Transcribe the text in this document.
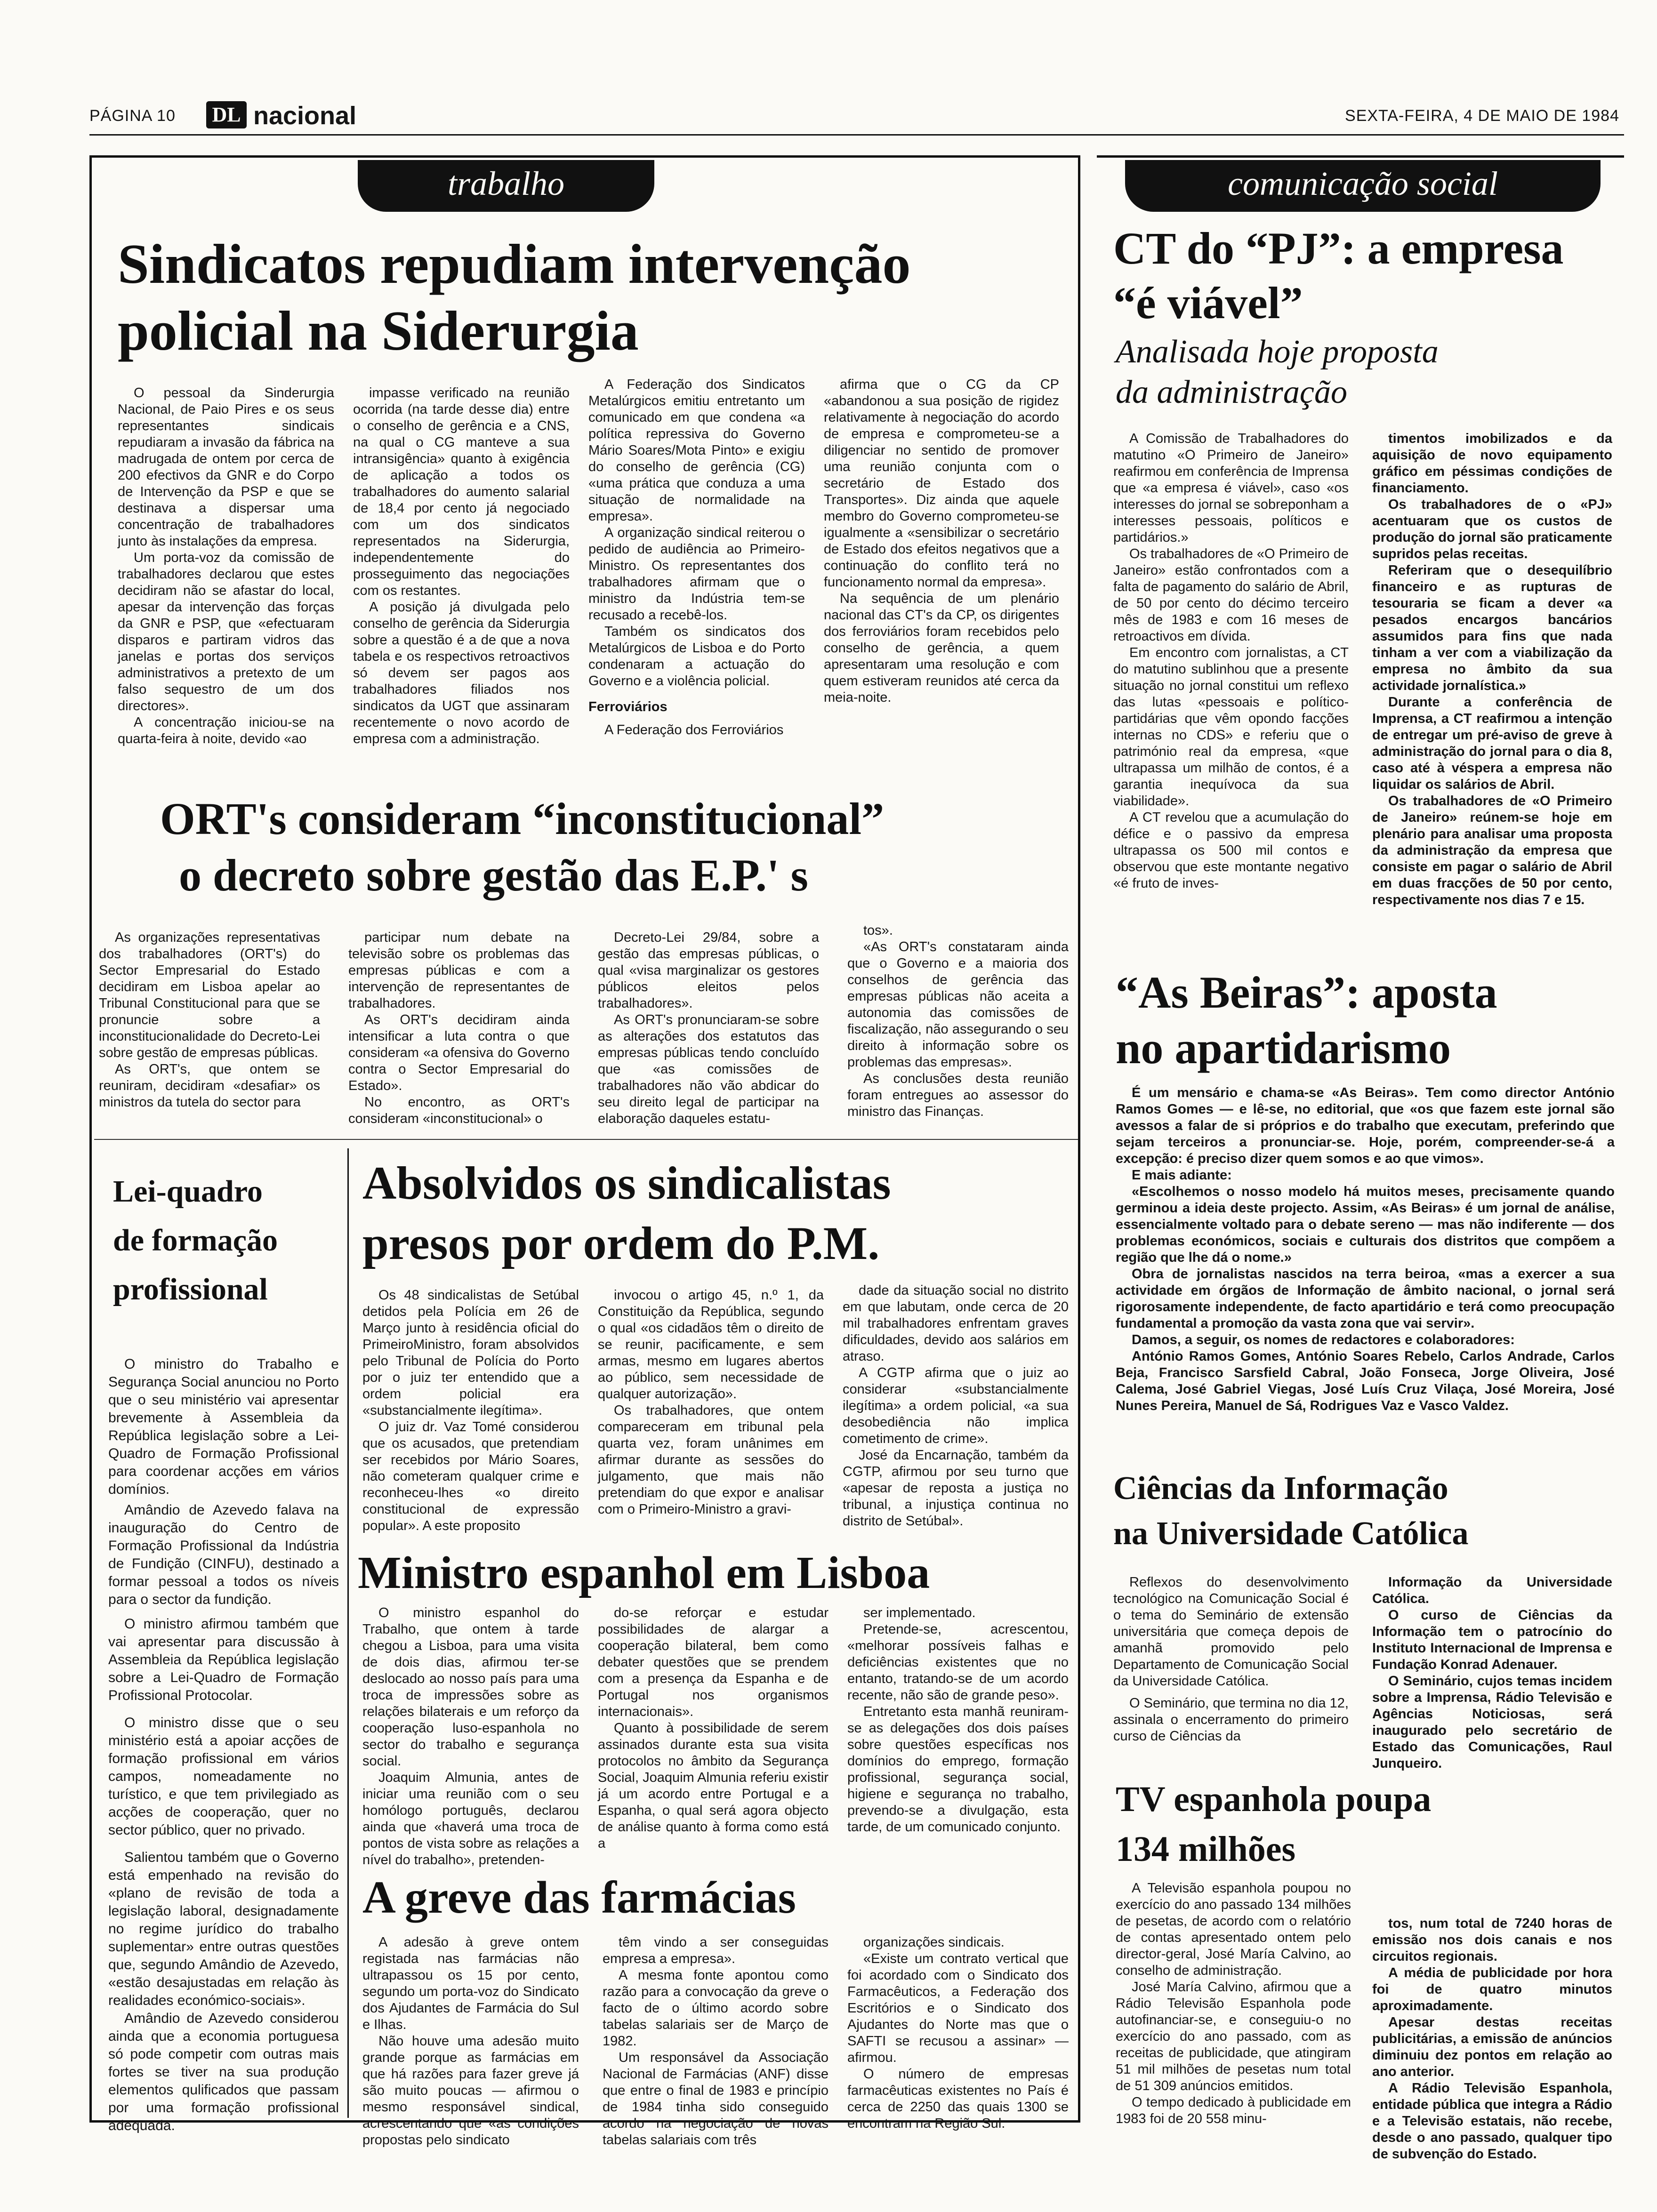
PÁGINA 10 DL nacional	SEXTA-FEIRA, 4 DE MAIO DE 1984
trabalho	comunicação social
Sindicatos repudiam intervenção
policial na Siderurgia

O pessoal da Sinderurgia Nacional, de Paio Pires e os seus representantes sindicais repudiaram a invasão da fábrica na madrugada de ontem por cerca de 200 efectivos da GNR e do Corpo de Intervenção da PSP e que se destinava a dispersar uma concentração de trabalhadores junto às instalações da empresa.

Um porta-voz da comissão de trabalhadores declarou que estes decidiram não se afastar do local, apesar da intervenção das forças da GNR e PSP, que «efectuaram disparos e partiram vidros das janelas e portas dos serviços administrativos a pretexto de um falso sequestro de um dos directores».

A concentração iniciou-se na quarta-feira à noite, devido «ao

impasse verificado na reunião ocorrida (na tarde desse dia) entre o conselho de gerência e a CNS, na qual o CG manteve a sua intransigência» quanto à exigência de aplicação a todos os trabalhadores do aumento salarial de 18,4 por cento já negociado com um dos sindicatos representados na Siderurgia, independentemente do prosseguimento das negociações com os restantes.

A posição já divulgada pelo conselho de gerência da Siderurgia sobre a questão é a de que a nova tabela e os respectivos retroactivos só devem ser pagos aos trabalhadores filiados nos sindicatos da UGT que assinaram recentemente o novo acordo de empresa com a administração.

A Federação dos Sindicatos Metalúrgicos emitiu entretanto um comunicado em que condena «a política repressiva do Governo Mário Soares/Mota Pinto» e exigiu do conselho de gerência (CG) «uma prática que conduza a uma situação de normalidade na empresa».

A organização sindical reiterou o pedido de audiência ao Primeiro-Ministro. Os representantes dos trabalhadores afirmam que o ministro da Indústria tem-se recusado a recebê-los.

Também os sindicatos dos Metalúrgicos de Lisboa e do Porto condenaram a actuação do Governo e a violência policial.

Ferroviários

A Federação dos Ferroviários

afirma que o CG da CP «abandonou a sua posição de rigidez relativamente à negociação do acordo de empresa e comprometeu-se a diligenciar no sentido de promover uma reunião conjunta com o secretário de Estado dos Transportes». Diz ainda que aquele membro do Governo comprometeu-se igualmente a «sensibilizar o secretário de Estado dos efeitos negativos que a continuação do conflito terá no funcionamento normal da empresa».

Na sequência de um plenário nacional das CT's da CP, os dirigentes dos ferroviários foram recebidos pelo conselho de gerência, a quem apresentaram uma resolução e com quem estiveram reunidos até cerca da meia-noite.

ORT's consideram “inconstitucional”
o decreto sobre gestão das E.P.' s

As organizações representativas dos trabalhadores (ORT's) do Sector Empresarial do Estado decidiram em Lisboa apelar ao Tribunal Constitucional para que se pronuncie sobre a inconstitucionalidade do Decreto-Lei sobre gestão de empresas públicas.

As ORT's, que ontem se reuniram, decidiram «desafiar» os ministros da tutela do sector para

participar num debate na televisão sobre os problemas das empresas públicas e com a intervenção de representantes de trabalhadores.

As ORT's decidiram ainda intensificar a luta contra o que consideram «a ofensiva do Governo contra o Sector Empresarial do Estado».

No encontro, as ORT's consideram «inconstitucional» o

Decreto-Lei 29/84, sobre a gestão das empresas públicas, o qual «visa marginalizar os gestores públicos eleitos pelos trabalhadores».

As ORT's pronunciaram-se sobre as alterações dos estatutos das empresas públicas tendo concluído que «as comissões de trabalhadores não vão abdicar do seu direito legal de participar na elaboração daqueles estatu-

tos».

«As ORT's constataram ainda que o Governo e a maioria dos conselhos de gerência das empresas públicas não aceita a autonomia das comissões de fiscalização, não assegurando o seu direito à informação sobre os problemas das empresas».

As conclusões desta reunião foram entregues ao assessor do ministro das Finanças.

Lei-quadro
de formação
profissional

O ministro do Trabalho e Segurança Social anunciou no Porto que o seu ministério vai apresentar brevemente à Assembleia da República legislação sobre a Lei-Quadro de Formação Profissional para coordenar acções em vários domínios.

Amândio de Azevedo falava na inauguração do Centro de Formação Profissional da Indústria de Fundição (CINFU), destinado a formar pessoal a todos os níveis para o sector da fundição.

O ministro afirmou também que vai apresentar para discussão à Assembleia da República legislação sobre a Lei-Quadro de Formação Profissional Protocolar.

O ministro disse que o seu ministério está a apoiar acções de formação profissional em vários campos, nomeadamente no turístico, e que tem privilegiado as acções de cooperação, quer no sector público, quer no privado.

Salientou também que o Governo está empenhado na revisão do «plano de revisão de toda a legislação laboral, designadamente no regime jurídico do trabalho suplementar» entre outras questões que, segundo Amândio de Azevedo, «estão desajustadas em relação às realidades económico-sociais».

Amândio de Azevedo considerou ainda que a economia portuguesa só pode competir com outras mais fortes se tiver na sua produção elementos qulificados que passam por uma formação profissional adequada.

Absolvidos os sindicalistas
presos por ordem do P.M.

Os 48 sindicalistas de Setúbal detidos pela Polícia em 26 de Março junto à residência oficial do PrimeiroMinistro, foram absolvidos pelo Tribunal de Polícia do Porto por o juiz ter entendido que a ordem policial era «substancialmente ilegítima».

O juiz dr. Vaz Tomé considerou que os acusados, que pretendiam ser recebidos por Mário Soares, não cometeram qualquer crime e reconheceu-lhes «o direito constitucional de expressão popular». A este proposito

invocou o artigo 45, n.º 1, da Constituição da República, segundo o qual «os cidadãos têm o direito de se reunir, pacificamente, e sem armas, mesmo em lugares abertos ao público, sem necessidade de qualquer autorização».

Os trabalhadores, que ontem compareceram em tribunal pela quarta vez, foram unânimes em afirmar durante as sessões do julgamento, que mais não pretendiam do que expor e analisar com o Primeiro-Ministro a gravi-

dade da situação social no distrito em que labutam, onde cerca de 20 mil trabalhadores enfrentam graves dificuldades, devido aos salários em atraso.

A CGTP afirma que o juiz ao considerar «substancialmente ilegítima» a ordem policial, «a sua desobediência não implica cometimento de crime».

José da Encarnação, também da CGTP, afirmou por seu turno que «apesar de reposta a justiça no tribunal, a injustiça continua no distrito de Setúbal».

Ministro espanhol em Lisboa

O ministro espanhol do Trabalho, que ontem à tarde chegou a Lisboa, para uma visita de dois dias, afirmou ter-se deslocado ao nosso país para uma troca de impressões sobre as relações bilaterais e um reforço da cooperação luso-espanhola no sector do trabalho e segurança social.

Joaquim Almunia, antes de iniciar uma reunião com o seu homólogo português, declarou ainda que «haverá uma troca de pontos de vista sobre as relações a nível do trabalho», pretenden-

do-se reforçar e estudar possibilidades de alargar a cooperação bilateral, bem como debater questões que se prendem com a presença da Espanha e de Portugal nos organismos internacionais».

Quanto à possibilidade de serem assinados durante esta sua visita protocolos no âmbito da Segurança Social, Joaquim Almunia referiu existir já um acordo entre Portugal e a Espanha, o qual será agora objecto de análise quanto à forma como está a

ser implementado.

Pretende-se, acrescentou, «melhorar possíveis falhas e deficiências existentes que no entanto, tratando-se de um acordo recente, não são de grande peso».

Entretanto esta manhã reuniram-se as delegações dos dois países sobre questões específicas nos domínios do emprego, formação profissional, segurança social, higiene e segurança no trabalho, prevendo-se a divulgação, esta tarde, de um comunicado conjunto.

A greve das farmácias

A adesão à greve ontem registada nas farmácias não ultrapassou os 15 por cento, segundo um porta-voz do Sindicato dos Ajudantes de Farmácia do Sul e Ilhas.

Não houve uma adesão muito grande porque as farmácias em que há razões para fazer greve já são muito poucas — afirmou o mesmo responsável sindical, acrescentando que «as condições propostas pelo sindicato

têm vindo a ser conseguidas empresa a empresa».

A mesma fonte apontou como razão para a convocação da greve o facto de o último acordo sobre tabelas salariais ser de Março de 1982.

Um responsável da Associação Nacional de Farmácias (ANF) disse que entre o final de 1983 e princípio de 1984 tinha sido conseguido acordo na negociação de novas tabelas salariais com três

organizações sindicais.

«Existe um contrato vertical que foi acordado com o Sindicato dos Farmacêuticos, a Federação dos Escritórios e o Sindicato dos Ajudantes do Norte mas que o SAFTI se recusou a assinar» — afirmou.

O número de empresas farmacêuticas existentes no País é cerca de 2250 das quais 1300 se encontram na Região Sul.

CT do “PJ”: a empresa
“é viável”
Analisada hoje proposta
da administração

A Comissão de Trabalhadores do matutino «O Primeiro de Janeiro» reafirmou em conferência de Imprensa que «a empresa é viável», caso «os interesses do jornal se sobreponham a interesses pessoais, políticos e partidários.»

Os trabalhadores de «O Primeiro de Janeiro» estão confrontados com a falta de pagamento do salário de Abril, de 50 por cento do décimo terceiro mês de 1983 e com 16 meses de retroactivos em dívida.

Em encontro com jornalistas, a CT do matutino sublinhou que a presente situação no jornal constitui um reflexo das lutas «pessoais e político-partidárias que vêm opondo facções internas no CDS» e referiu que o património real da empresa, «que ultrapassa um milhão de contos, é a garantia inequívoca da sua viabilidade».

A CT revelou que a acumulação do défice e o passivo da empresa ultrapassa os 500 mil contos e observou que este montante negativo «é fruto de inves-

timentos imobilizados e da aquisição de novo equipamento gráfico em péssimas condições de financiamento.

Os trabalhadores de o «PJ» acentuaram que os custos de produção do jornal são praticamente supridos pelas receitas.

Referiram que o desequilíbrio financeiro e as rupturas de tesouraria se ficam a dever «a pesados encargos bancários assumidos para fins que nada tinham a ver com a viabilização da empresa no âmbito da sua actividade jornalística.»

Durante a conferência de Imprensa, a CT reafirmou a intenção de entregar um pré-aviso de greve à administração do jornal para o dia 8, caso até à véspera a empresa não liquidar os salários de Abril.

Os trabalhadores de «O Primeiro de Janeiro» reúnem-se hoje em plenário para analisar uma proposta da administração da empresa que consiste em pagar o salário de Abril em duas fracções de 50 por cento, respectivamente nos dias 7 e 15.

“As Beiras”: aposta
no apartidarismo

É um mensário e chama-se «As Beiras». Tem como director António Ramos Gomes — e lê-se, no editorial, que «os que fazem este jornal são avessos a falar de si próprios e do trabalho que executam, preferindo que sejam terceiros a pronunciar-se. Hoje, porém, compreender-se-á a excepção: é preciso dizer quem somos e ao que vimos».

E mais adiante:

«Escolhemos o nosso modelo há muitos meses, precisamente quando germinou a ideia deste projecto. Assim, «As Beiras» é um jornal de análise, essencialmente voltado para o debate sereno — mas não indiferente — dos problemas económicos, sociais e culturais dos distritos que compõem a região que lhe dá o nome.»

Obra de jornalistas nascidos na terra beiroa, «mas a exercer a sua actividade em órgãos de Informação de âmbito nacional, o jornal será rigorosamente independente, de facto apartidário e terá como preocupação fundamental a promoção da vasta zona que vai servir».

Damos, a seguir, os nomes de redactores e colaboradores:

António Ramos Gomes, António Soares Rebelo, Carlos Andrade, Carlos Beja, Francisco Sarsfield Cabral, João Fonseca, Jorge Oliveira, José Calema, José Gabriel Viegas, José Luís Cruz Vilaça, José Moreira, José Nunes Pereira, Manuel de Sá, Rodrigues Vaz e Vasco Valdez.

Ciências da Informação
na Universidade Católica

Reflexos do desenvolvimento tecnológico na Comunicação Social é o tema do Seminário de extensão universitária que começa depois de amanhã promovido pelo Departamento de Comunicação Social da Universidade Católica.

O Seminário, que termina no dia 12, assinala o encerramento do primeiro curso de Ciências da

Informação da Universidade Católica.

O curso de Ciências da Informação tem o patrocínio do Instituto Internacional de Imprensa e Fundação Konrad Adenauer.

O Seminário, cujos temas incidem sobre a Imprensa, Rádio Televisão e Agências Noticiosas, será inaugurado pelo secretário de Estado das Comunicações, Raul Junqueiro.

TV espanhola poupa
134 milhões

A Televisão espanhola poupou no exercício do ano passado 134 milhões de pesetas, de acordo com o relatório de contas apresentado ontem pelo director-geral, José María Calvino, ao conselho de administração.

José María Calvino, afirmou que a Rádio Televisão Espanhola pode autofinanciar-se, e conseguiu-o no exercício do ano passado, com as receitas de publicidade, que atingiram 51 mil milhões de pesetas num total de 51 309 anúncios emitidos.

O tempo dedicado à publicidade em 1983 foi de 20 558 minu-

tos, num total de 7240 horas de emissão nos dois canais e nos circuitos regionais.

A média de publicidade por hora foi de quatro minutos aproximadamente.

Apesar destas receitas publicitárias, a emissão de anúncios diminuiu dez pontos em relação ao ano anterior.

A Rádio Televisão Espanhola, entidade pública que integra a Rádio e a Televisão estatais, não recebe, desde o ano passado, qualquer tipo de subvenção do Estado.
